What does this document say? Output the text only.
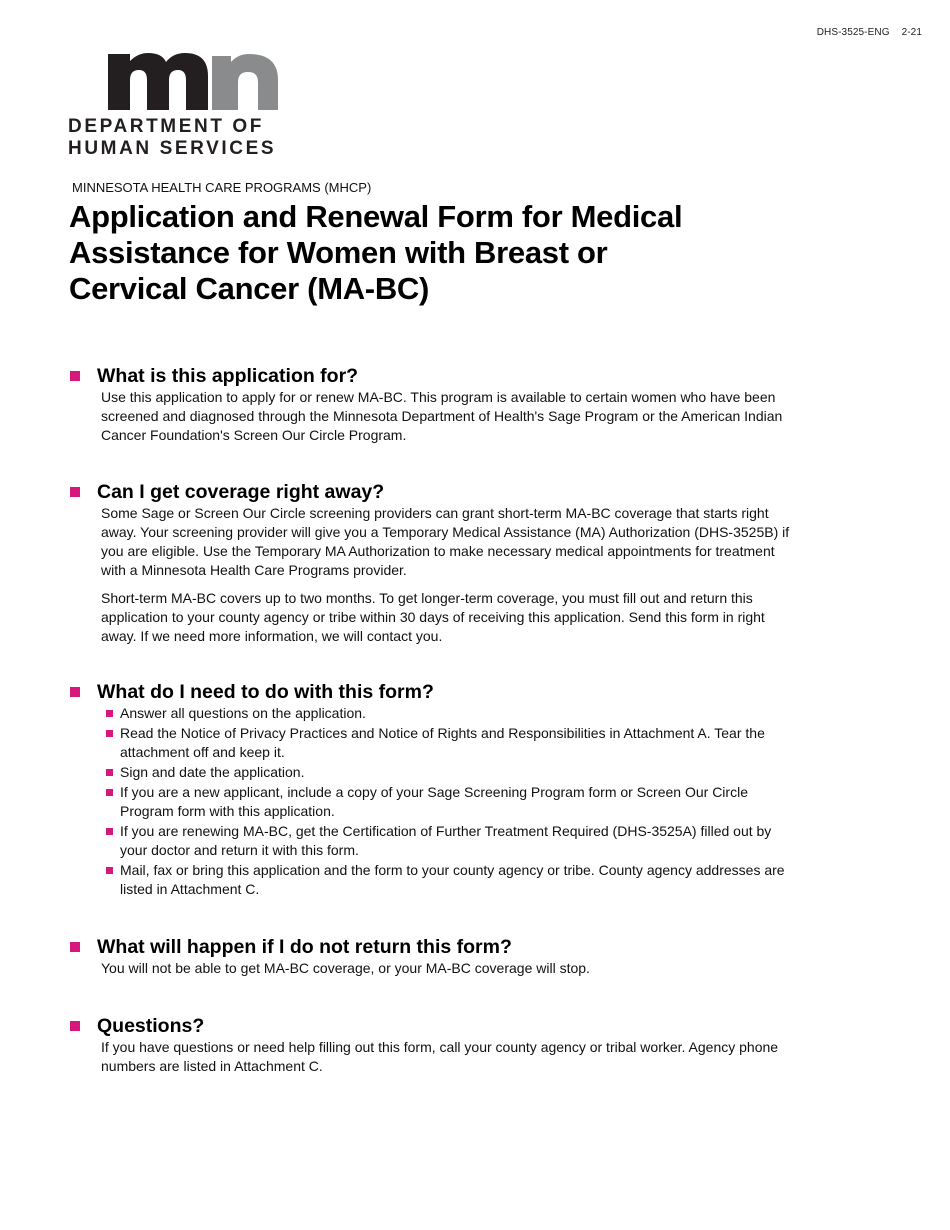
DHS-3525-ENG 2-21
DEPARTMENT OF
HUMAN SERVICES
MINNESOTA HEALTH CARE PROGRAMS (MHCP)
Application and Renewal Form for Medical Assistance for Women with Breast or Cervical Cancer (MA-BC)
What is this application for?

Use this application to apply for or renew MA-BC. This program is available to certain women who have been screened and diagnosed through the Minnesota Department of Health's Sage Program or the American Indian Cancer Foundation's Screen Our Circle Program.

Can I get coverage right away?

Some Sage or Screen Our Circle screening providers can grant short-term MA-BC coverage that starts right away. Your screening provider will give you a Temporary Medical Assistance (MA) Authorization (DHS-3525B) if you are eligible. Use the Temporary MA Authorization to make necessary medical appointments for treatment with a Minnesota Health Care Programs provider.

Short-term MA-BC covers up to two months. To get longer-term coverage, you must fill out and return this application to your county agency or tribe within 30 days of receiving this application. Send this form in right away. If we need more information, we will contact you.

What do I need to do with this form?
Answer all questions on the application.
Read the Notice of Privacy Practices and Notice of Rights and Responsibilities in Attachment A. Tear the attachment off and keep it.
Sign and date the application.
If you are a new applicant, include a copy of your Sage Screening Program form or Screen Our Circle Program form with this application.
If you are renewing MA-BC, get the Certification of Further Treatment Required (DHS-3525A) filled out by your doctor and return it with this form.
Mail, fax or bring this application and the form to your county agency or tribe. County agency addresses are listed in Attachment C.
What will happen if I do not return this form?

You will not be able to get MA-BC coverage, or your MA-BC coverage will stop.

Questions?

If you have questions or need help filling out this form, call your county agency or tribal worker. Agency phone numbers are listed in Attachment C.
